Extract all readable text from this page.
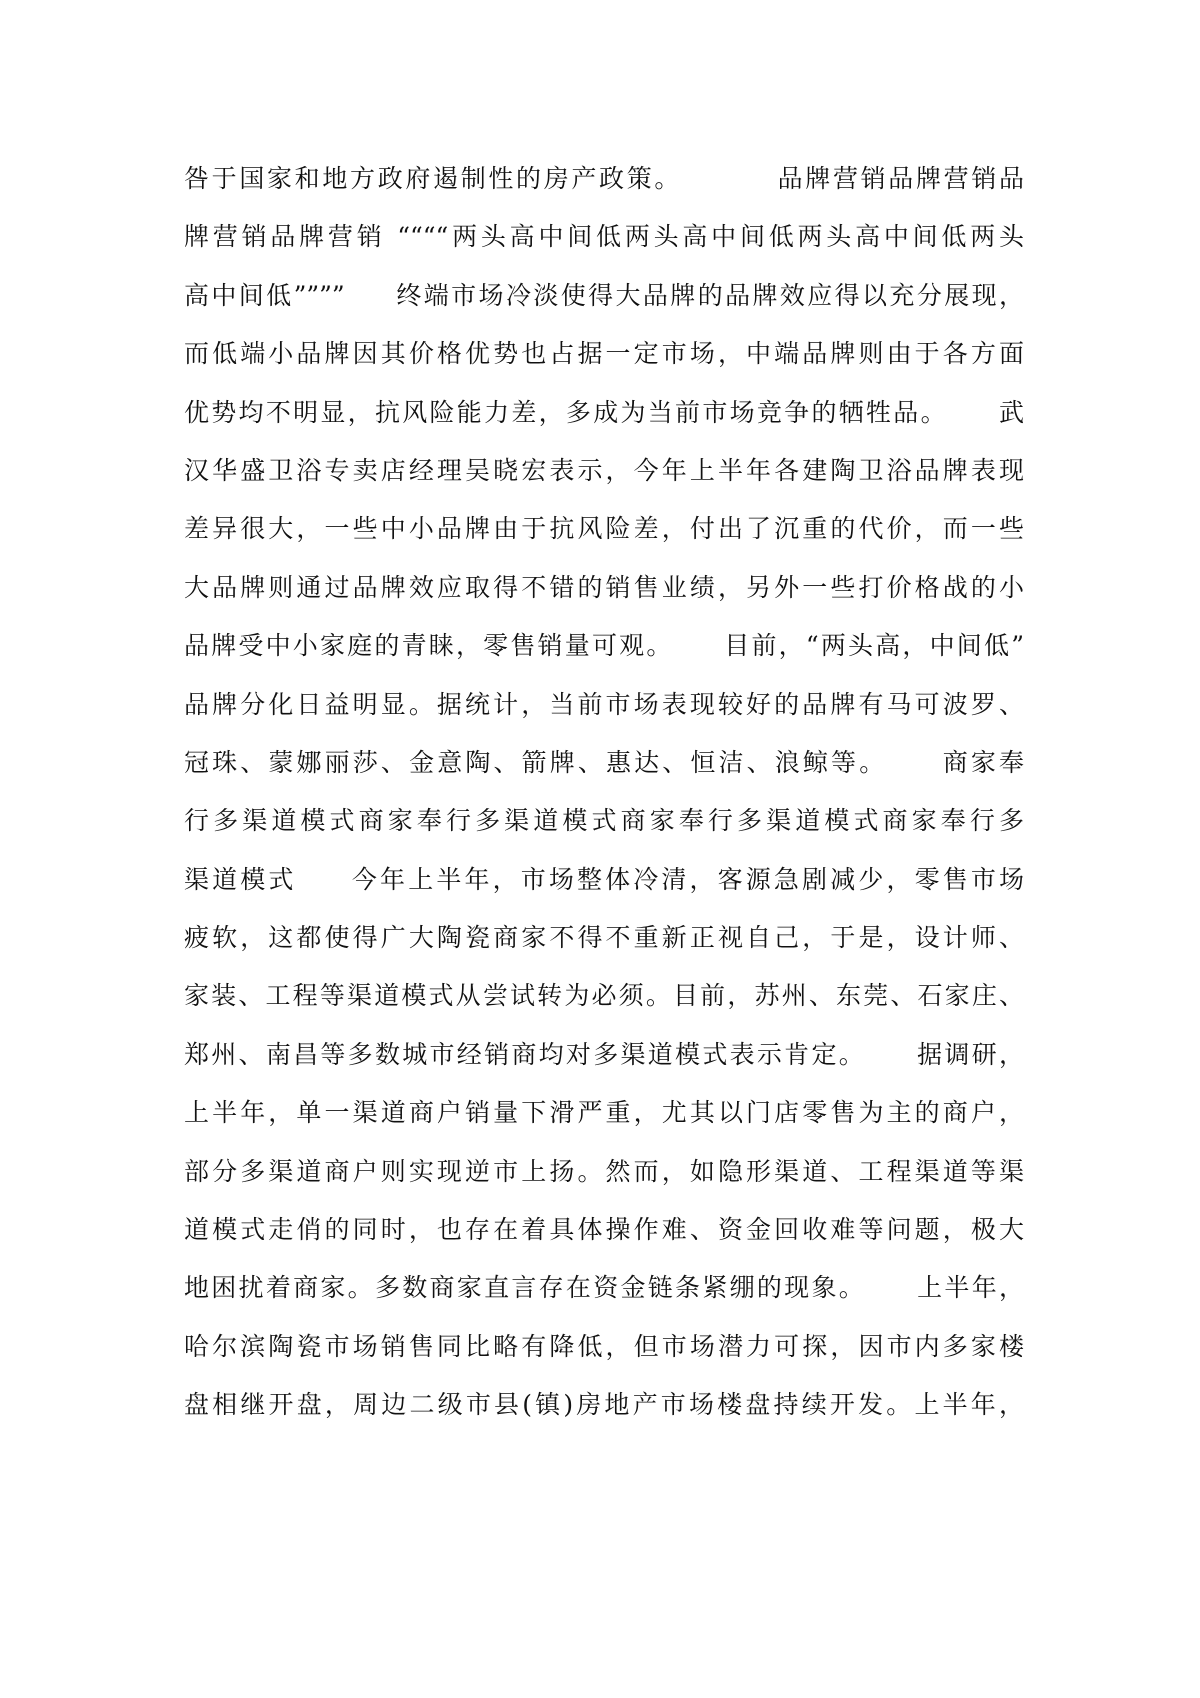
咎于国家和地方政府遏制性的房产政策。         品牌营销品牌营销品
牌营销品牌营销 ““““两头高中间低两头高中间低两头高中间低两头
高中间低””””     终端市场冷淡使得大品牌的品牌效应得以充分展现，
而低端小品牌因其价格优势也占据一定市场，中端品牌则由于各方面
优势均不明显，抗风险能力差，多成为当前市场竞争的牺牲品。     武
汉华盛卫浴专卖店经理吴晓宏表示，今年上半年各建陶卫浴品牌表现
差异很大，一些中小品牌由于抗风险差，付出了沉重的代价，而一些
大品牌则通过品牌效应取得不错的销售业绩，另外一些打价格战的小
品牌受中小家庭的青睐，零售销量可观。     目前，“两头高，中间低”
品牌分化日益明显。据统计，当前市场表现较好的品牌有马可波罗、
冠珠、蒙娜丽莎、金意陶、箭牌、惠达、恒洁、浪鲸等。     商家奉
行多渠道模式商家奉行多渠道模式商家奉行多渠道模式商家奉行多
渠道模式     今年上半年，市场整体冷清，客源急剧减少，零售市场
疲软，这都使得广大陶瓷商家不得不重新正视自己，于是，设计师、
家装、工程等渠道模式从尝试转为必须。目前，苏州、东莞、石家庄、
郑州、南昌等多数城市经销商均对多渠道模式表示肯定。     据调研，
上半年，单一渠道商户销量下滑严重，尤其以门店零售为主的商户，
部分多渠道商户则实现逆市上扬。然而，如隐形渠道、工程渠道等渠
道模式走俏的同时，也存在着具体操作难、资金回收难等问题，极大
地困扰着商家。多数商家直言存在资金链条紧绷的现象。     上半年，
哈尔滨陶瓷市场销售同比略有降低，但市场潜力可探，因市内多家楼
盘相继开盘，周边二级市县(镇)房地产市场楼盘持续开发。上半年，
